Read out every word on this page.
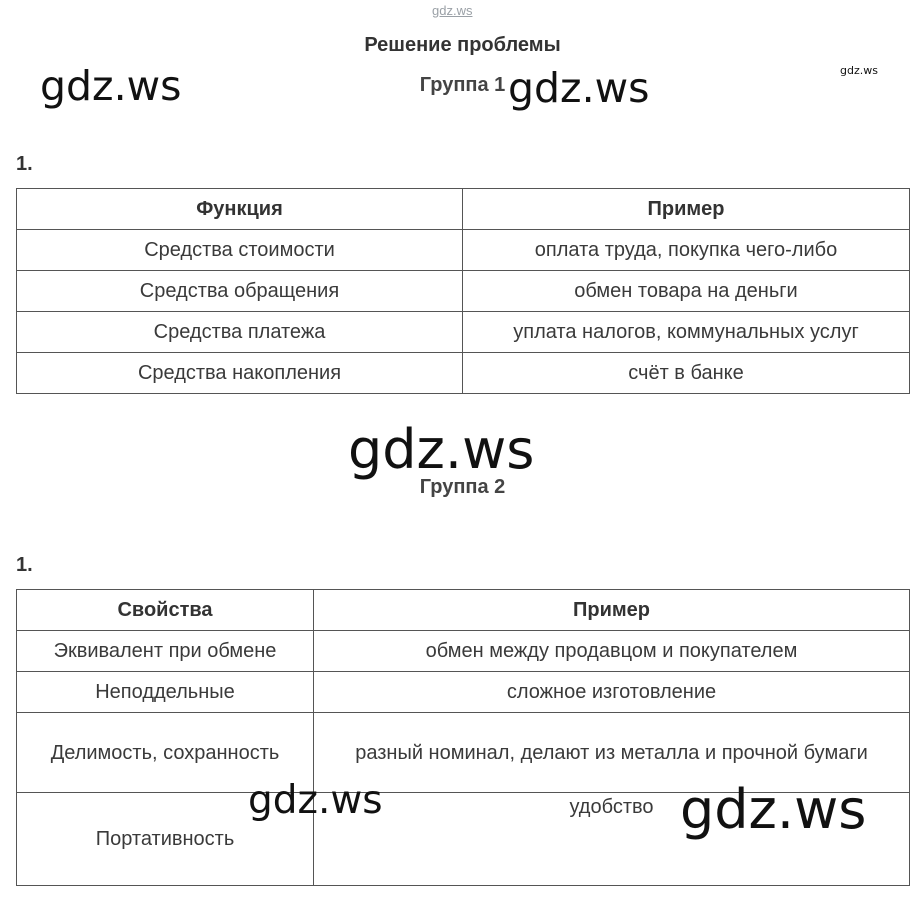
gdz.ws
Решение проблемы
gdz.ws
Группа 1
gdz.ws	gdz.ws
1.
Функция	Пример
Средства стоимости	оплата труда, покупка чего-либо
Средства обращения	обмен товара на деньги
Средства платежа	уплата налогов, коммунальных услуг
Средства накопления	счёт в банке
gdz.ws
Группа 2
1.
Свойства	Пример
Эквивалент при обмене	обмен между продавцом и покупателем
Неподдельные	сложное изготовление
Делимость, сохранность	разный номинал, делают из металла и прочной бумаги
Портативность	удобство
gdz.ws	gdz.ws
